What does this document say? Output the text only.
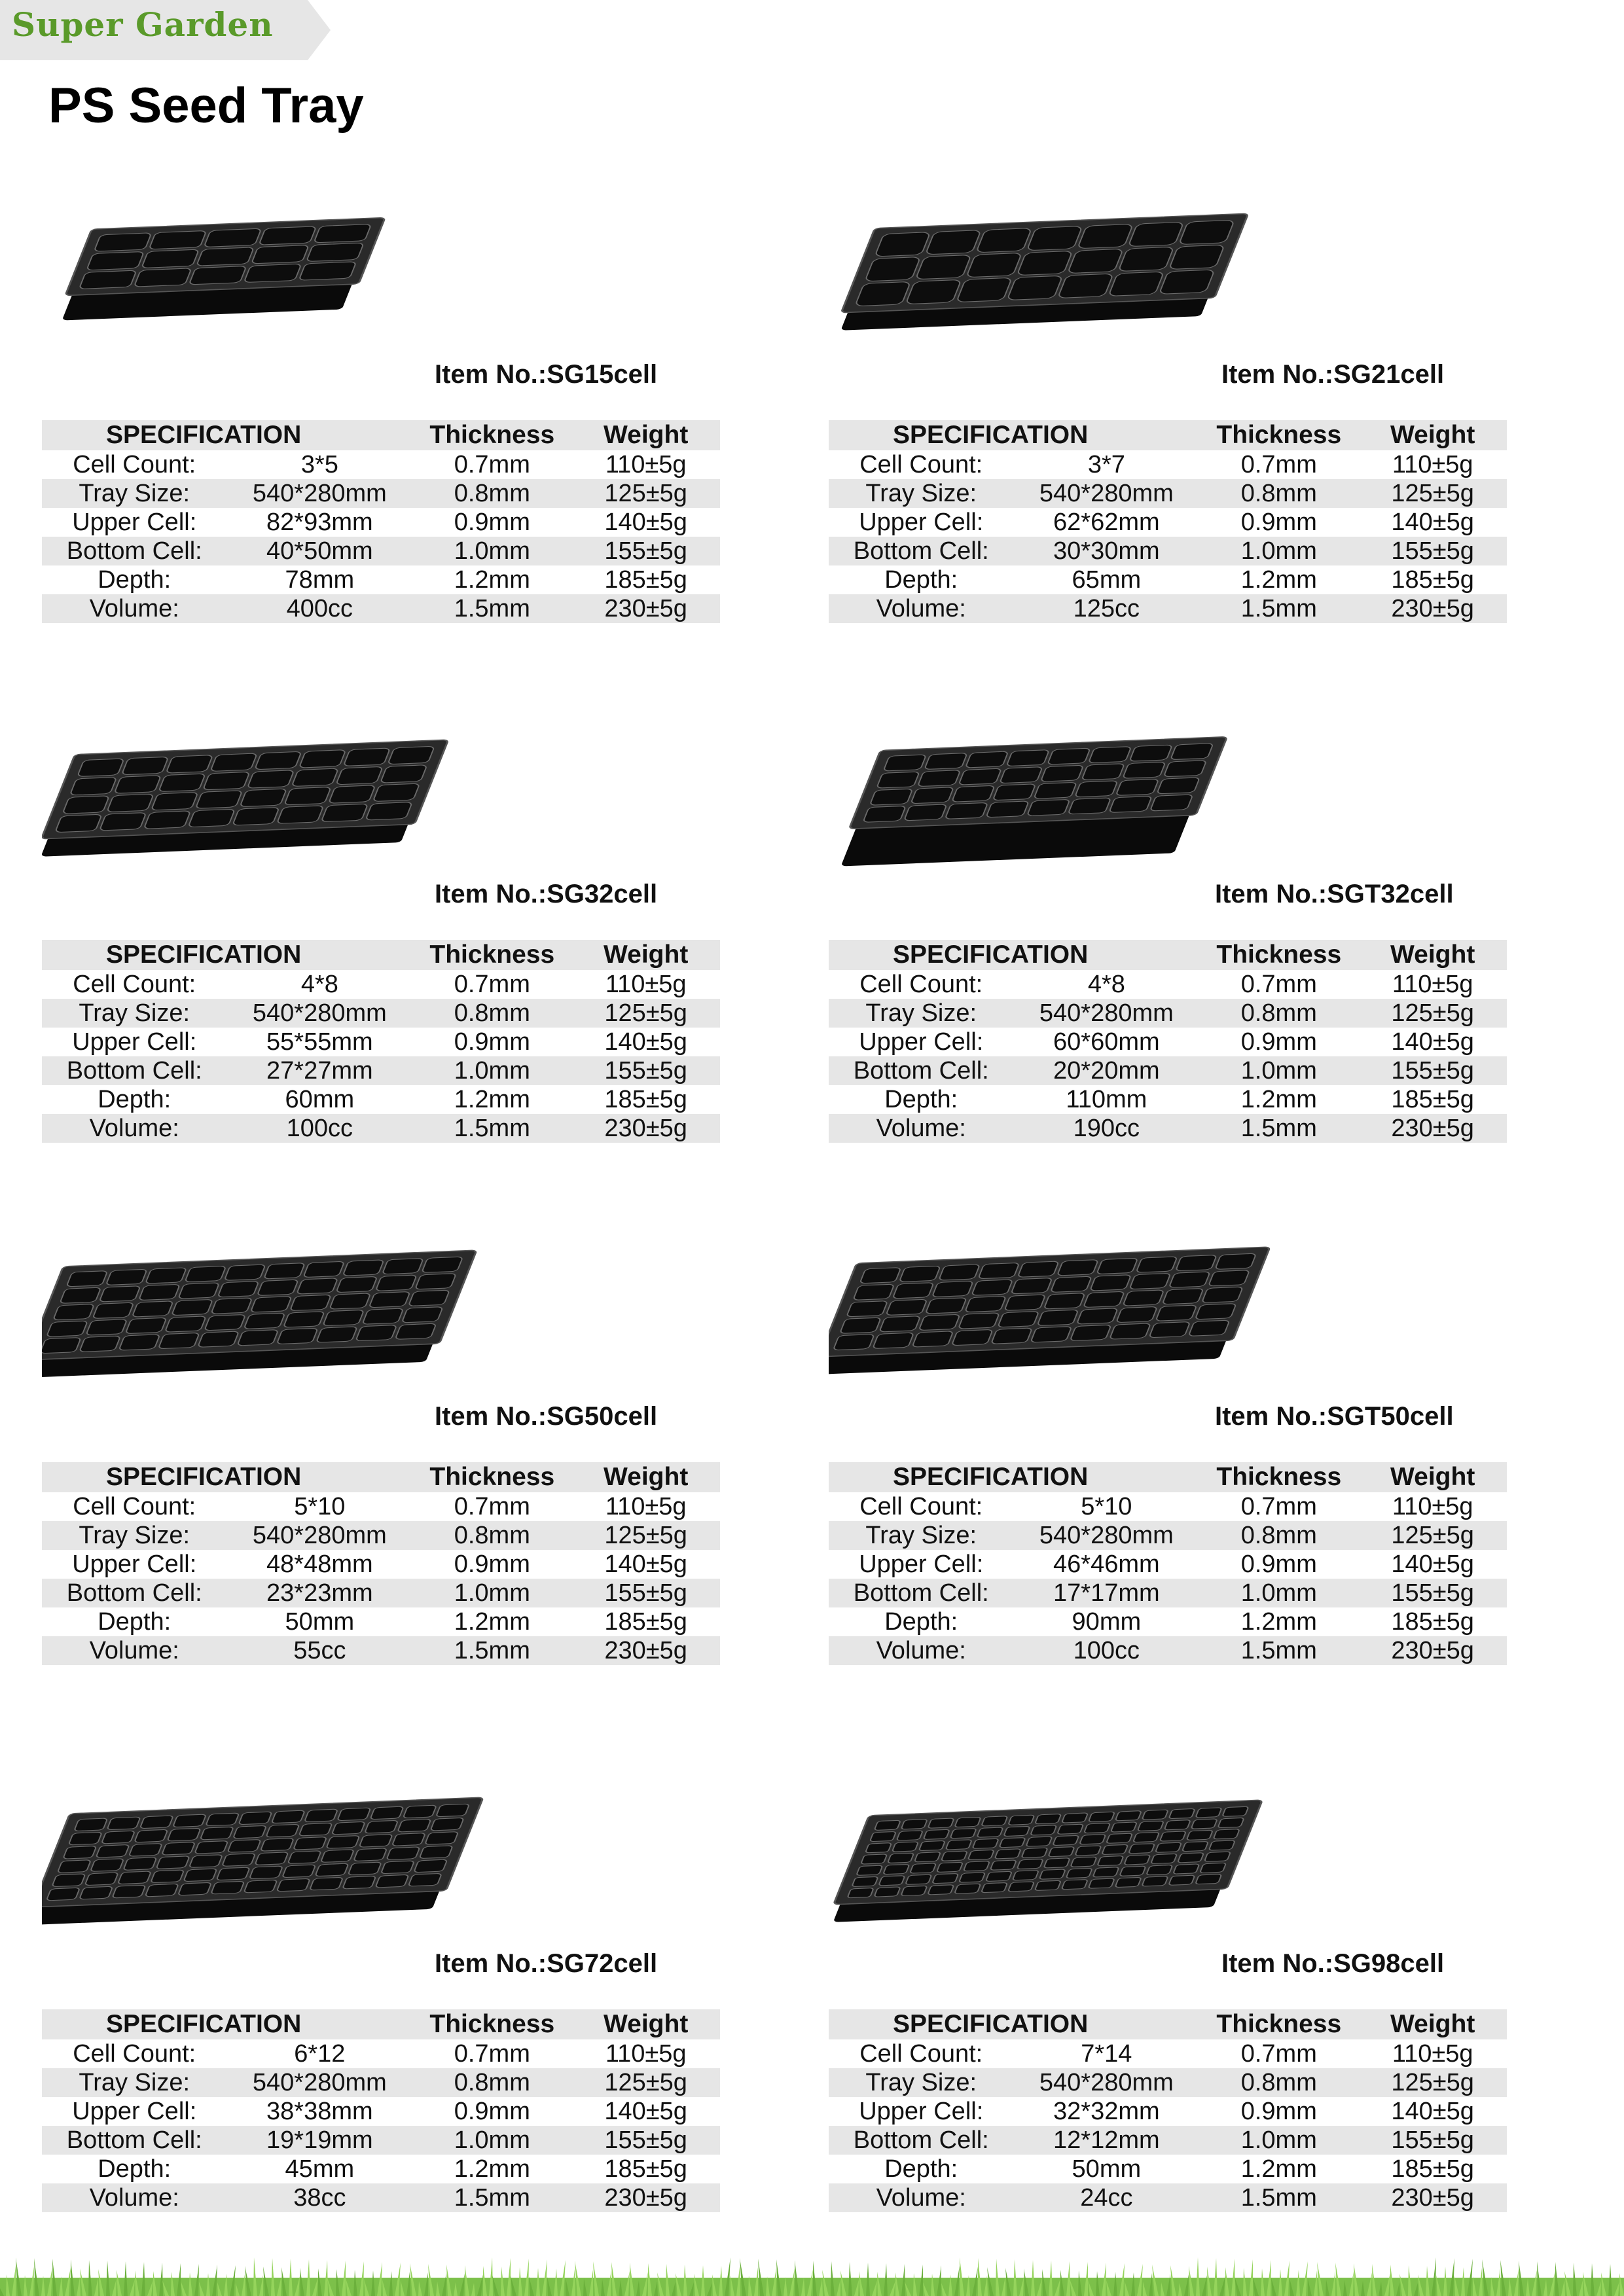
Super Garden
PS Seed Tray
Item No.:SG15cell
SPECIFICATION		Thickness	Weight
Cell Count:	3*5	0.7mm	110±5g
Tray Size:	540*280mm	0.8mm	125±5g
Upper Cell:	82*93mm	0.9mm	140±5g
Bottom Cell:	40*50mm	1.0mm	155±5g
Depth:	78mm	1.2mm	185±5g
Volume:	400cc	1.5mm	230±5g
Item No.:SG21cell
SPECIFICATION		Thickness	Weight
Cell Count:	3*7	0.7mm	110±5g
Tray Size:	540*280mm	0.8mm	125±5g
Upper Cell:	62*62mm	0.9mm	140±5g
Bottom Cell:	30*30mm	1.0mm	155±5g
Depth:	65mm	1.2mm	185±5g
Volume:	125cc	1.5mm	230±5g
Item No.:SG32cell
SPECIFICATION		Thickness	Weight
Cell Count:	4*8	0.7mm	110±5g
Tray Size:	540*280mm	0.8mm	125±5g
Upper Cell:	55*55mm	0.9mm	140±5g
Bottom Cell:	27*27mm	1.0mm	155±5g
Depth:	60mm	1.2mm	185±5g
Volume:	100cc	1.5mm	230±5g
Item No.:SGT32cell
SPECIFICATION		Thickness	Weight
Cell Count:	4*8	0.7mm	110±5g
Tray Size:	540*280mm	0.8mm	125±5g
Upper Cell:	60*60mm	0.9mm	140±5g
Bottom Cell:	20*20mm	1.0mm	155±5g
Depth:	110mm	1.2mm	185±5g
Volume:	190cc	1.5mm	230±5g
Item No.:SG50cell
SPECIFICATION		Thickness	Weight
Cell Count:	5*10	0.7mm	110±5g
Tray Size:	540*280mm	0.8mm	125±5g
Upper Cell:	48*48mm	0.9mm	140±5g
Bottom Cell:	23*23mm	1.0mm	155±5g
Depth:	50mm	1.2mm	185±5g
Volume:	55cc	1.5mm	230±5g
Item No.:SGT50cell
SPECIFICATION		Thickness	Weight
Cell Count:	5*10	0.7mm	110±5g
Tray Size:	540*280mm	0.8mm	125±5g
Upper Cell:	46*46mm	0.9mm	140±5g
Bottom Cell:	17*17mm	1.0mm	155±5g
Depth:	90mm	1.2mm	185±5g
Volume:	100cc	1.5mm	230±5g
Item No.:SG72cell
SPECIFICATION		Thickness	Weight
Cell Count:	6*12	0.7mm	110±5g
Tray Size:	540*280mm	0.8mm	125±5g
Upper Cell:	38*38mm	0.9mm	140±5g
Bottom Cell:	19*19mm	1.0mm	155±5g
Depth:	45mm	1.2mm	185±5g
Volume:	38cc	1.5mm	230±5g
Item No.:SG98cell
SPECIFICATION		Thickness	Weight
Cell Count:	7*14	0.7mm	110±5g
Tray Size:	540*280mm	0.8mm	125±5g
Upper Cell:	32*32mm	0.9mm	140±5g
Bottom Cell:	12*12mm	1.0mm	155±5g
Depth:	50mm	1.2mm	185±5g
Volume:	24cc	1.5mm	230±5g
